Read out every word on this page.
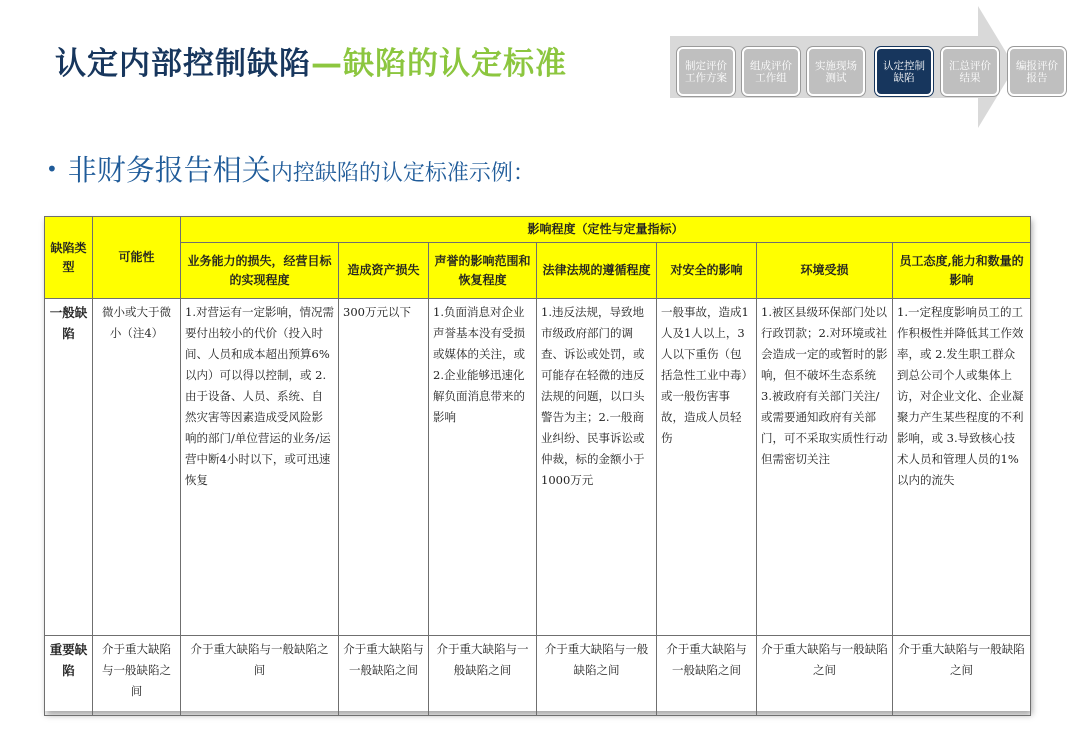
认定内部控制缺陷—缺陷的认定标准	制定评价工作方案
组成评价工作组
实施现场测试
认定控制缺陷
汇总评价结果
编报评价报告
• 非财务报告相关内控缺陷的认定标准示例：
缺陷类型	可能性	影响程度（定性与定量指标）						
		业务能力的损失，经营目标的实现程度	造成资产损失	声誉的影响范围和恢复程度	法律法规的遵循程度	对安全的影响	环境受损	员工态度,能力和数量的影响
一般缺陷	微小或大于微小（注4）	1.对营运有一定影响，情况需要付出较小的代价（投入时间、人员和成本超出预算6%以内）可以得以控制，或 2.由于设备、人员、系统、自然灾害等因素造成受风险影响的部门/单位营运的业务/运营中断4小时以下，或可迅速恢复	300万元以下	1.负面消息对企业声誉基本没有受损或媒体的关注，或 2.企业能够迅速化解负面消息带来的影响	1.违反法规，导致地市级政府部门的调查、诉讼或处罚，或可能存在轻微的违反法规的问题，以口头警告为主；2.一般商业纠纷、民事诉讼或仲裁，标的金额小于1000万元	一般事故，造成1人及1人以上，3人以下重伤（包括急性工业中毒）或一般伤害事故，造成人员轻伤	1.被区县级环保部门处以行政罚款；2.对环境或社会造成一定的或暂时的影响，但不破坏生态系统 3.被政府有关部门关注/或需要通知政府有关部门，可不采取实质性行动但需密切关注	1.一定程度影响员工的工作积极性并降低其工作效率，或 2.发生职工群众到总公司个人或集体上访，对企业文化、企业凝聚力产生某些程度的不利影响，或 3.导致核心技术人员和管理人员的1%以内的流失
重要缺陷	介于重大缺陷与一般缺陷之间	介于重大缺陷与一般缺陷之间	介于重大缺陷与一般缺陷之间	介于重大缺陷与一般缺陷之间	介于重大缺陷与一般缺陷之间	介于重大缺陷与一般缺陷之间	介于重大缺陷与一般缺陷之间	介于重大缺陷与一般缺陷之间
